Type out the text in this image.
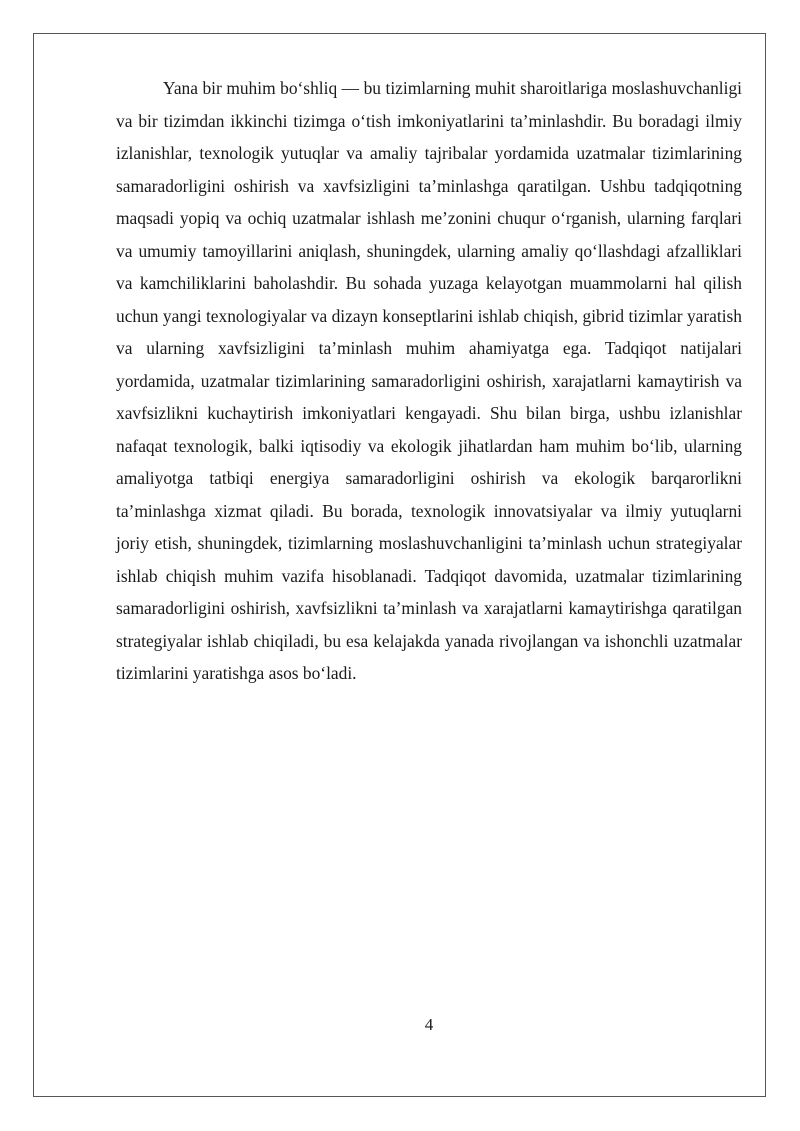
Yana bir muhim bo‘shliq — bu tizimlarning muhit sharoitlariga moslashuvchanligi va bir tizimdan ikkinchi tizimga o‘tish imkoniyatlarini ta’minlashdir. Bu boradagi ilmiy izlanishlar, texnologik yutuqlar va amaliy tajribalar yordamida uzatmalar tizimlarining samaradorligini oshirish va xavfsizligini ta’minlashga qaratilgan. Ushbu tadqiqotning maqsadi yopiq va ochiq uzatmalar ishlash me’zonini chuqur o‘rganish, ularning farqlari va umumiy tamoyillarini aniqlash, shuningdek, ularning amaliy qo‘llashdagi afzalliklari va kamchiliklarini baholashdir. Bu sohada yuzaga kelayotgan muammolarni hal qilish uchun yangi texnologiyalar va dizayn konseptlarini ishlab chiqish, gibrid tizimlar yaratish va ularning xavfsizligini ta’minlash muhim ahamiyatga ega. Tadqiqot natijalari yordamida, uzatmalar tizimlarining samaradorligini oshirish, xarajatlarni kamaytirish va xavfsizlikni kuchaytirish imkoniyatlari kengayadi. Shu bilan birga, ushbu izlanishlar nafaqat texnologik, balki iqtisodiy va ekologik jihatlardan ham muhim bo‘lib, ularning amaliyotga tatbiqi energiya samaradorligini oshirish va ekologik barqarorlikni ta’minlashga xizmat qiladi. Bu borada, texnologik innovatsiyalar va ilmiy yutuqlarni joriy etish, shuningdek, tizimlarning moslashuvchanligini ta’minlash uchun strategiyalar ishlab chiqish muhim vazifa hisoblanadi. Tadqiqot davomida, uzatmalar tizimlarining samaradorligini oshirish, xavfsizlikni ta’minlash va xarajatlarni kamaytirishga qaratilgan strategiyalar ishlab chiqiladi, bu esa kelajakda yanada rivojlangan va ishonchli uzatmalar tizimlarini yaratishga asos bo‘ladi.

4
